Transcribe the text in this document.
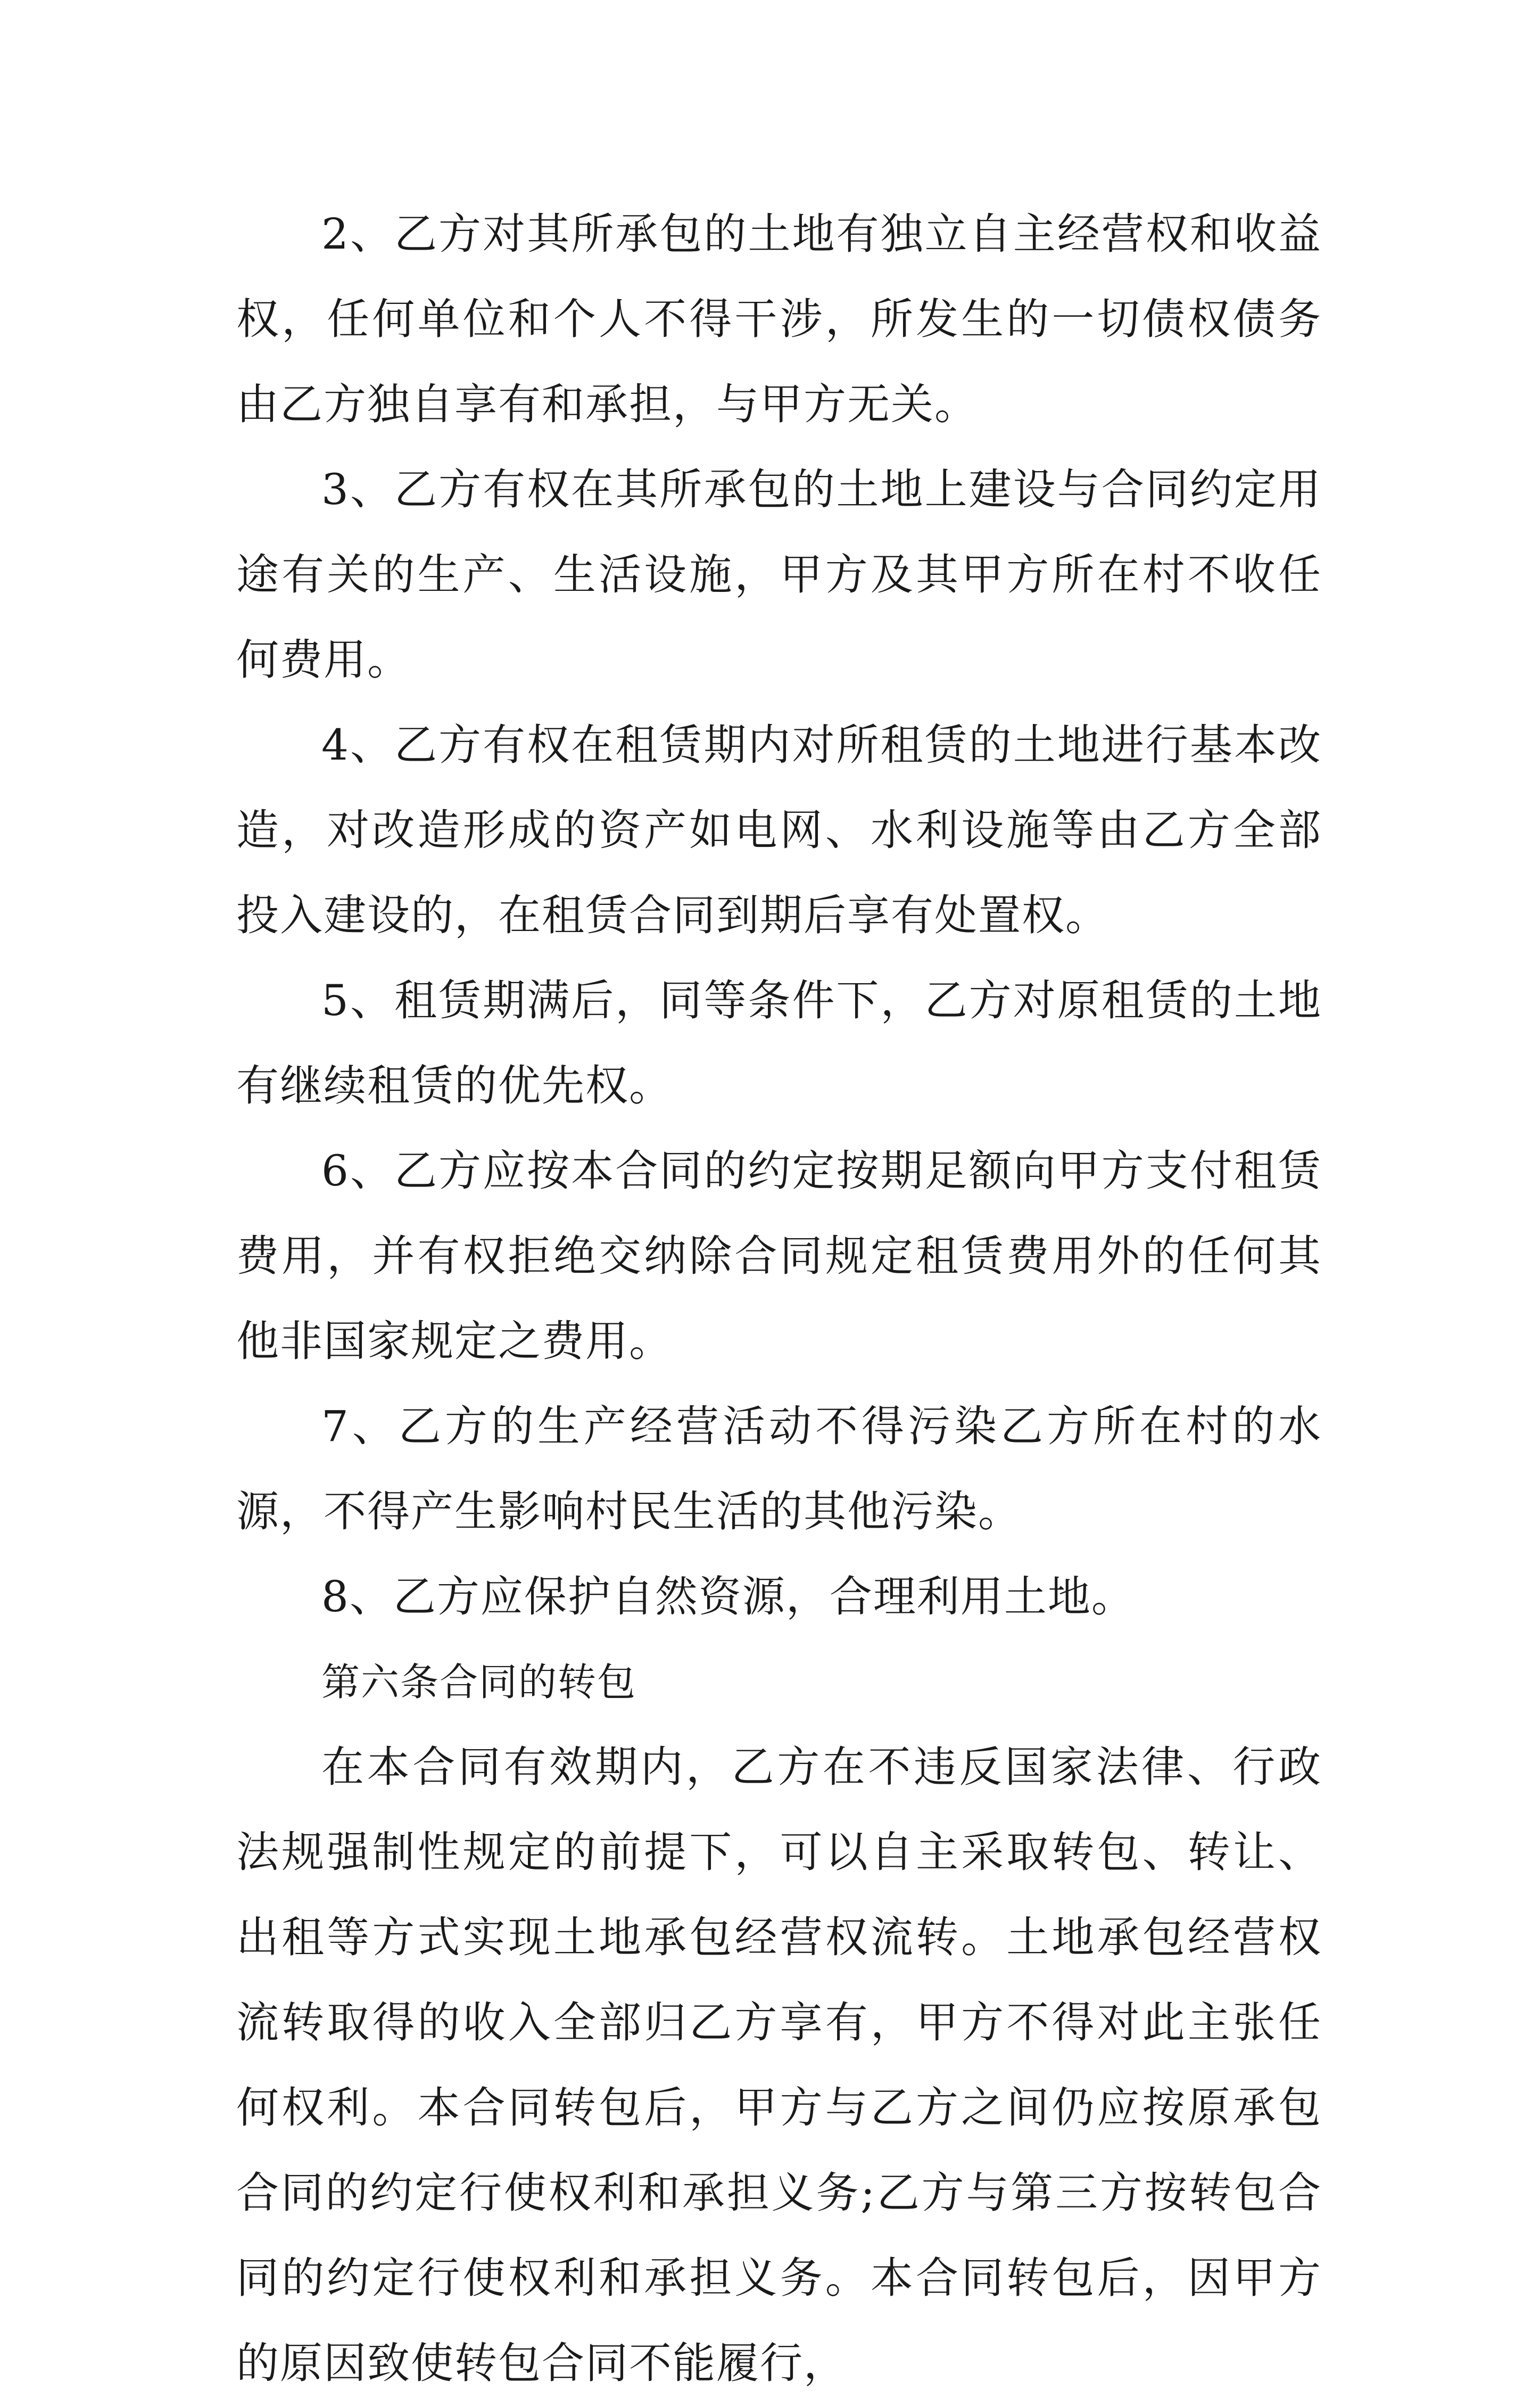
2、乙方对其所承包的土地有独立自主经营权和收益权，任何单位和个人不得干涉，所发生的一切债权债务由乙方独自享有和承担，与甲方无关。

3、乙方有权在其所承包的土地上建设与合同约定用途有关的生产、生活设施，甲方及其甲方所在村不收任何费用。

4、乙方有权在租赁期内对所租赁的土地进行基本改造，对改造形成的资产如电网、水利设施等由乙方全部投入建设的，在租赁合同到期后享有处置权。

5、租赁期满后，同等条件下，乙方对原租赁的土地有继续租赁的优先权。

6、乙方应按本合同的约定按期足额向甲方支付租赁费用，并有权拒绝交纳除合同规定租赁费用外的任何其他非国家规定之费用。

7、乙方的生产经营活动不得污染乙方所在村的水源，不得产生影响村民生活的其他污染。

8、乙方应保护自然资源，合理利用土地。

第六条合同的转包

在本合同有效期内，乙方在不违反国家法律、行政法规强制性规定的前提下，可以自主采取转包、转让、出租等方式实现土地承包经营权流转。土地承包经营权流转取得的收入全部归乙方享有，甲方不得对此主张任何权利。本合同转包后，甲方与乙方之间仍应按原承包合同的约定行使权利和承担义务;乙方与第三方按转包合同的约定行使权利和承担义务。本合同转包后，因甲方的原因致使转包合同不能履行，
